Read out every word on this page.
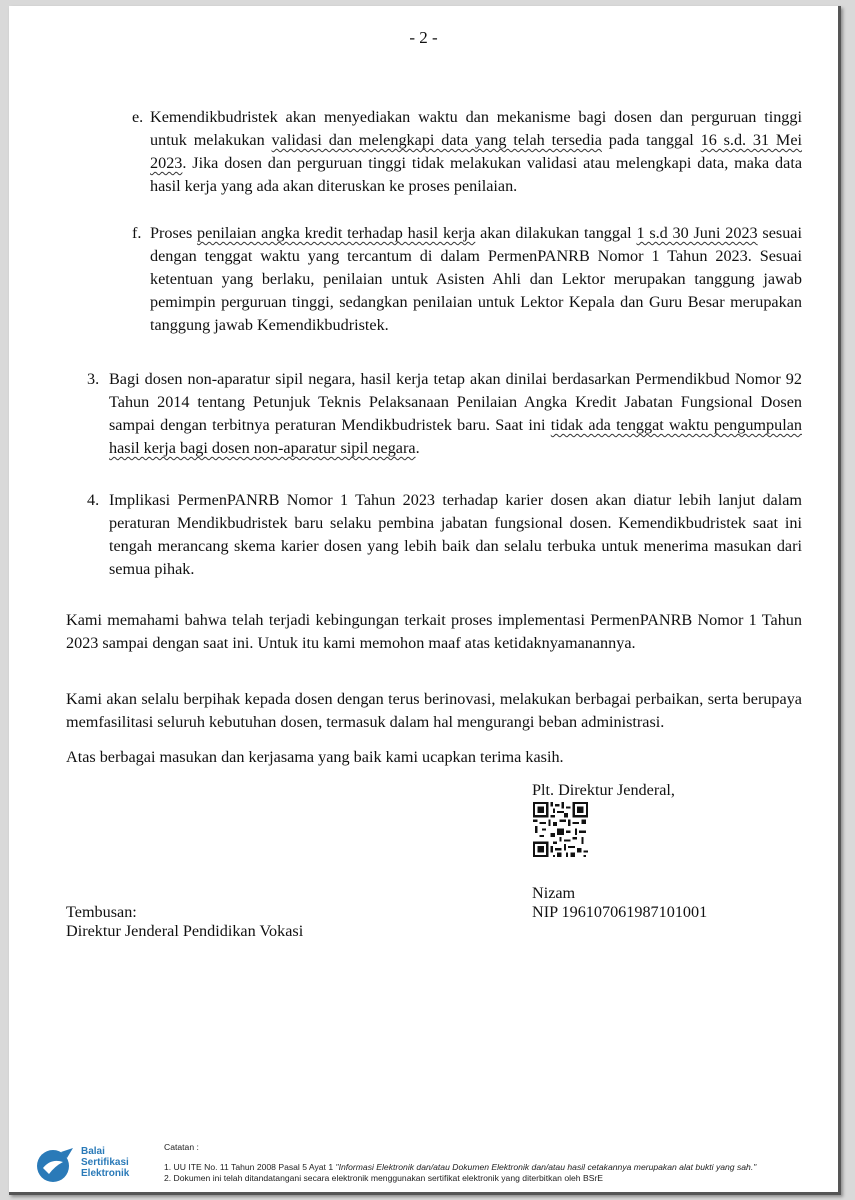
- 2 -
e. Kemendikbudristek akan menyediakan waktu dan mekanisme bagi dosen dan perguruan tinggi untuk melakukan validasi dan melengkapi data yang telah tersedia pada tanggal 16 s.d. 31 Mei 2023. Jika dosen dan perguruan tinggi tidak melakukan validasi atau melengkapi data, maka data hasil kerja yang ada akan diteruskan ke proses penilaian.

f. Proses penilaian angka kredit terhadap hasil kerja akan dilakukan tanggal 1 s.d 30 Juni 2023 sesuai dengan tenggat waktu yang tercantum di dalam PermenPANRB Nomor 1 Tahun 2023. Sesuai ketentuan yang berlaku, penilaian untuk Asisten Ahli dan Lektor merupakan tanggung jawab pemimpin perguruan tinggi, sedangkan penilaian untuk Lektor Kepala dan Guru Besar merupakan tanggung jawab Kemendikbudristek.

3. Bagi dosen non-aparatur sipil negara, hasil kerja tetap akan dinilai berdasarkan Permendikbud Nomor 92 Tahun 2014 tentang Petunjuk Teknis Pelaksanaan Penilaian Angka Kredit Jabatan Fungsional Dosen sampai dengan terbitnya peraturan Mendikbudristek baru. Saat ini tidak ada tenggat waktu pengumpulan hasil kerja bagi dosen non-aparatur sipil negara.

4. Implikasi PermenPANRB Nomor 1 Tahun 2023 terhadap karier dosen akan diatur lebih lanjut dalam peraturan Mendikbudristek baru selaku pembina jabatan fungsional dosen. Kemendikbudristek saat ini tengah merancang skema karier dosen yang lebih baik dan selalu terbuka untuk menerima masukan dari semua pihak.

Kami memahami bahwa telah terjadi kebingungan terkait proses implementasi PermenPANRB Nomor 1 Tahun 2023 sampai dengan saat ini. Untuk itu kami memohon maaf atas ketidaknyamanannya.

Kami akan selalu berpihak kepada dosen dengan terus berinovasi, melakukan berbagai perbaikan, serta berupaya memfasilitasi seluruh kebutuhan dosen, termasuk dalam hal mengurangi beban administrasi.

Atas berbagai masukan dan kerjasama yang baik kami ucapkan terima kasih.

Plt. Direktur Jenderal,
Nizam
NIP 196107061987101001
Tembusan:
Direktur Jenderal Pendidikan Vokasi
Balai
Sertifikasi
Elektronik
Catatan :
1. UU ITE No. 11 Tahun 2008 Pasal 5 Ayat 1 "Informasi Elektronik dan/atau Dokumen Elektronik dan/atau hasil cetakannya merupakan alat bukti yang sah."
2. Dokumen ini telah ditandatangani secara elektronik menggunakan sertifikat elektronik yang diterbitkan oleh BSrE
